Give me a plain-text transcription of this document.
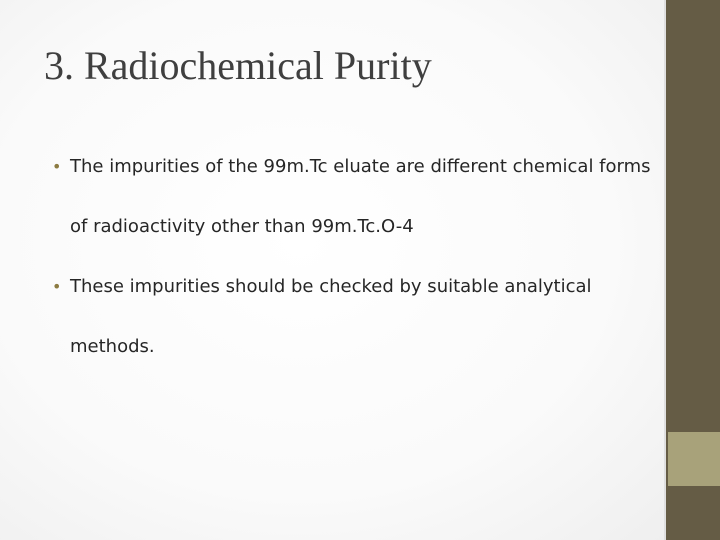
3. Radiochemical Purity
• The impurities of the 99m.Tc eluate are different chemical forms of radioactivity other than 99m.Tc.O-4
• These impurities should be checked by suitable analytical methods.
